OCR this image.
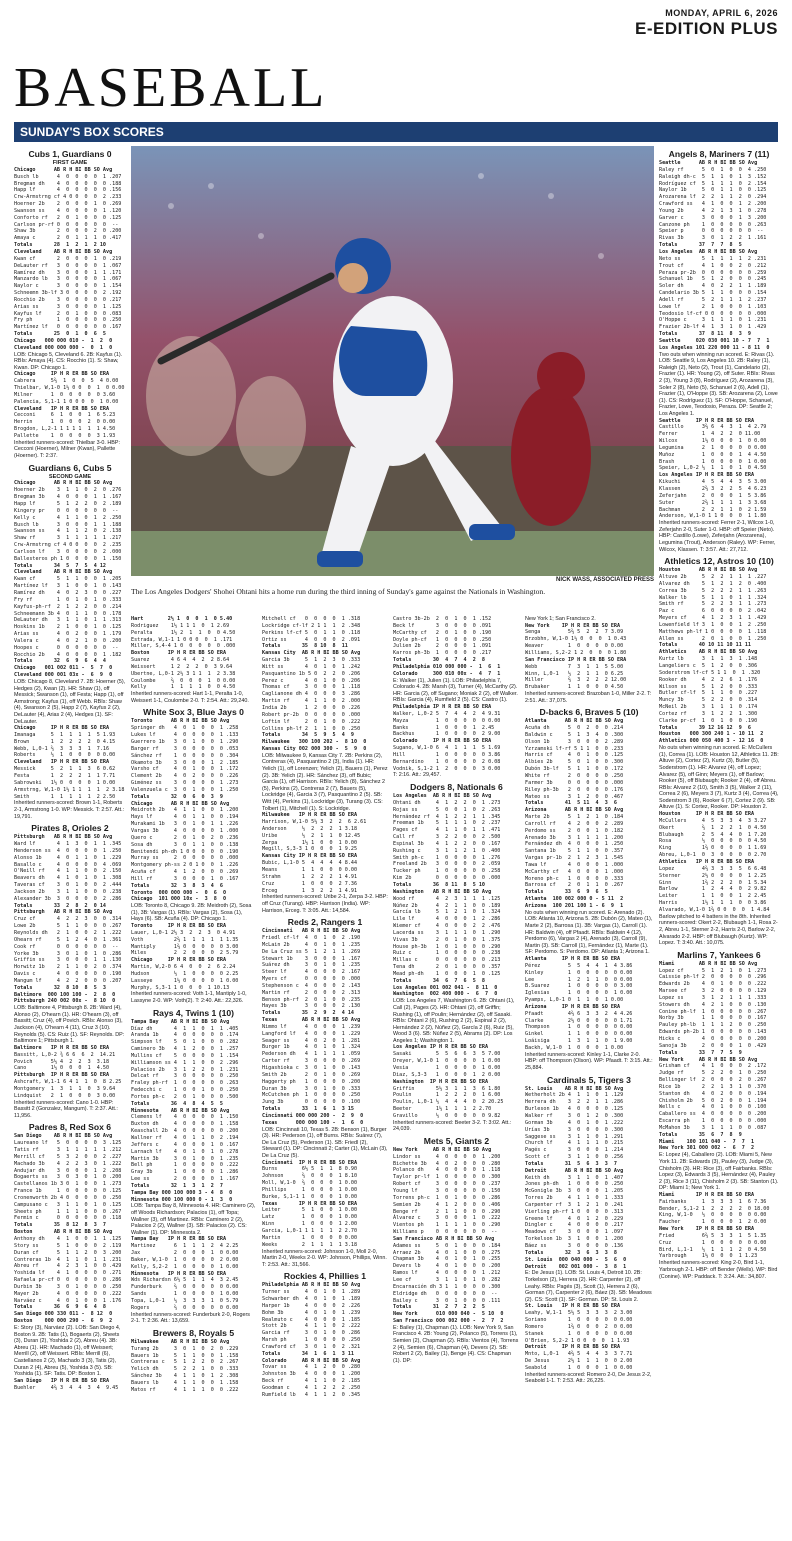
MONDAY, APRIL 6, 2026
E-EDITION PLUS
BASEBALL
SUNDAY'S BOX SCORES
Cubs 1, Guardians 0
FIRST GAME
Chicago      AB R H BI BB SO Avg
Busch lb      4  0  0  0  0  1 .207
Bregman dh    4  0  0  0  0  0 .188
Happ lf       4  0  0  0  0  0 .156
Crw-Armstrng cf 4 0 0  0  0  2 .233
Hoerner 2b    2  0  0  0  1  0 .269
Swanson ss    4  0  0  0  0  1 .120
Conforto rf   2  0  1  0  0  0 .125
Carlson pr-rf 0  0  0  0  0  0  --
Shaw 3b       2  0  0  0  2  0 .200
Amaya c       2  0  1  1  1  0 .417
Totals       28  1  2  1  2 10
Cleveland    AB R H BI BB SO Avg
Kwan cf       2  0  0  0  1  0 .219
DeLauter rf   3  0  0  0  0  1 .067
Ramírez dh    3  0  0  0  1  1 .171
Manzardo lb   3  0  0  0  0  1 .067
Naylor c      3  0  0  0  0  1 .154
Schneemn 3b-lf 3 0  0  0  0  2 .192
Rocchio 2b    3  0  0  0  0  0 .217
Arias ss      3  0  0  0  0  1 .125
Kayfus lf     2  0  1  0  0  0 .083
Fry ph        1  0  0  0  0  0 .250
Martínez lf   0  0  0  0  0  0 .167
Totals       25  0  1  0  6  5
Chicago   000 000 010 -  1  2  0
Cleveland 000 000 000 -  0  1  0
LOB: Chicago 5, Cleveland 6. 2B: Kayfus (1). RBIs: Amaya (4). CS: Rocchio (1). S: Shaw, Kwan. DP: Chicago 1.
Chicago     IP H R ER BB SO ERA
Cabrera     5⅔  1  0  0  5  4 0.00
Thielbar, W,1-0 1⅓ 0 0  0  1  0 0.00
Milner      1  0  0  0  0  0 3.60
Palencia, S,1-1 1 0 0 0  0  1 0.00
Cleveland   IP H R ER BB SO ERA
Cecconi     6  1  0  0  1  6 5.23
Herrin      1  0  0  0  2  0 0.00
Brogdon, L,2-1 1 1 1 1  1  1 4.50
Pallette    1  0  0  0  0  3 1.93
Inherited runners-scored: Thielbar 3-0. HBP: Cecconi (Hoerner), Milner (Kwan), Pallette (Hoerner). T: 2:37.
Guardians 6, Cubs 5
SECOND GAME
Chicago      AB R H BI BB SO Avg
Hoerner 2b    3  1  1  0  2  0 .276
Bregman 3b    4  0  0  0  1  1 .167
Happ lf       5  1  2  2  0  2 .189
Kingery pr    0  0  0  0  0  0  --
Kelly c       4  1  1  0  1  2 .250
Busch lb      3  0  0  0  1  1 .188
Swanson ss    4  1  1  2  0  2 .138
Shaw rf       3  1  1  1  1  1 .217
Crw-Armstrng cf 4 0 0  0  0  2 .235
Carlson lf    3  0  0  0  0  2 .000
Ballesteros ph 1 0  0  0  0  1 .150
Totals       34  5  7  5  4 12
Cleveland    AB R H BI BB SO Avg
Kwan cf       5  1  1  0  0  1 .205
Martínez lf   3  1  0  0  1  0 .143
Ramírez dh    4  0  2  3  0  0 .227
Fry rf        1  0  1  0  1  0 .333
Kayfus-ph-rf  2  1  2  2  0  0 .214
Schneemann 3b 4  0  1  1  0  0 .178
DeLauter dh   3  1  1  0  1  1 .313
Hoskins 1b    2  1  0  0  1  0 .125
Arias ss      4  0  2  0  0  1 .179
Valera c      4  0  2  1  0  0 .200
Hoopes c      0  0  0  0  0  0  --
Rocchio 2b    4  0  0  0  0  1 .182
Totals       32  6  9  6  4  4
Chicago   001 002 011 -  5  7  0
Cleveland 000 001 03x -  6  9  0
LOB: Chicago 8, Cleveland 7. 2B: Hoerner (5), Hedges (2), Kwan (2). HR: Shaw (1), off Messick; Swanson (1), off Festa; Happ (1), off Armstrong; Kayfus (1), off Webb. RBIs: Shaw (4), Swanson 2 (5), Happ 2 (7), Kayfus 2 (2), DeLauter (4), Arias 2 (4), Hedges (1). SF: DeLauter.
Chicago     IP H R ER BB SO ERA
Imanaga     5  1  1  1  1  5 1.93
Brown       1  2  2  2  2  0 4.15
Webb, L,0-1 ⅔  3  3  3  1  7.16
Roberts     ⅓  1  0  0  0  0 0.00
Cleveland   IP H R ER BB SO ERA
Messick     5  2  1  1  3  6 0.62
Festa       1  2  2  2  1  1 7.71
Sabrowski   1⅓ 0  0  0  0  1 0.00
Armstrng, W,1-0 1⅓ 1 1  1  1  2 3.18
Smith       1  1  1  1  1  2 2.50
Inherited runners-scored: Brown 1-1, Roberts 2-1, Armstrong 1-0. WP: Messick. T: 2:57. Att.: 19,791.
Pirates 8, Orioles 2
Pittsburgh   AB R H BI BB SO Avg
Ward lf       4  1  3  0  1  1 .345
Henderson ss  4  0  0  0  0  1 .250
Alonso 1b     4  0  1  1  0  1 .229
Basallo c     4  0  0  0  0  4 .069
O'Neill rf    4  1  1  0  0  2 .150
Beavers dh    4  1  0  1  0  1 .308
Taveras cf    3  0  1  0  0  2 .444
Jackson 2b    3  1  1  0  0  0 .238
Alexander 3b  3  0  0  0  0  2 .286
Totals       33  2  8  2  0 14
Pittsburgh   AB R H BI BB SO Avg
Cruz cf       4  2  2  3  0  0 .314
Lowe 2b       5  1  1  0  0  0 .267
Reynolds dh   2  1  0  0  2  1 .222
Ohearn rf     5  1  2  4  0  1 .361
Cook rf       0  0  0  0  0  0  --
Yorke 3b      3  0  1  0  1  0 .286
Griffin ss    3  0  0  0  1  1 .130
Horwitz 1b    2  1  1  0  2  0 .374
Davis c       4  0  0  0  0  0 .190
Mangum lf     4  2  2  0  0  0 .207
Totals       32  8 10  8  5  3
Baltimore  000 100 100 -  2  8  0
Pittsburgh 240 002 00x -  8 10  0
LOB: Baltimore 4, Pittsburgh 8. 2B: Ward (4), Alonso (2), O'hearn (1). HR: O'hearn (3), off Bassitt; Cruz (4), off Povich. RBIs: Alonso (3), Jackson (4), O'hearn 4 (11), Cruz 3 (10). Reynolds (5). CS: Ruiz (1). SF: Reynolds. DP: Baltimore 1; Pittsburgh 1.
Baltimore   IP H R ER BB SO ERA
Bassitt, L,0-2 ¾ 6 6  6  2  14.21
Povich      5⅓ 4  2  2  3  3.18
Cano        1⅓ 0  0  0  1  4.50
Pittsburgh  IP H R ER BB SO ERA
Ashcraft, W,1-1 6 4 1  1  0  8 2.25
Montgomery  1  3  1  1  0  3 9.64
Lindquist   2  1  0  0  0  3 0.00
Inherited runners-scored: Cano 1-0. HBP: Bassitt 2 (Gonzalez, Mangum). T: 2:37. Att.: 11,956.
Padres 8, Red Sox 6
San Diego    AB R H BI BB SO Avg
Laureano lf   5  0  0  0  0  3 .125
Tatis rf      3  1  1  1  1  1 .212
Merrill cf    5  3  2  0  0  2 .227
Machado 3b    4  2  2  3  0  1 .222
Andujar dh    3  0  0  0  1  2 .208
Bogaerts ss   3  0  3  0  1  0 .200
Castellanos 1b 3 0  1  0  0  1 .273
France 1b     1  0  0  0  0  0 .125
Cronenworth 2b 4 0  0  0  0  0 .250
Campusano c   3  1  1  0  1  0 .125
Sheets ph     1  1  1  0  0  0 .267
Fermin c      0  0  0  0  0  0 .118
Totals       35  8 12  8  3  7
Boston       AB R H BI BB SO Avg
Anthony dh    4  1  0  0  1  1 .125
Story ss      5  1  0  0  0  2 .119
Duran cf      5  1  1  2  0  3 .200
Contreras 1b  4  1  1  0  1  1 .231
Abreu rf      4  2  3  1  0  0 .429
Yoshida lf    4  1  0  0  0  0 .271
Rafaela pr-cf 0  0  0  0  0  0 .286
Durbin 3b     3  0  1  0  0  0 .250
Mayer 2b      4  0  0  0  0  0 .222
Narváez c     4  0  1  0  0  1 .176
Totals       36  6  9  6  4  8
San Diego 000 330 011 -  8 12  0
Boston    000 000 290 -  6  9  2
E: Story (3), Narváez (2). LOB: San Diego 4, Boston 9. 2B: Tatis (1), Bogaerts (2), Sheets (3), Duran (2), Yoshida 2 (2), Abreu (4). 3B: Abreu (1). HR: Machado (1), off Weissert; Merrill (2), off Weissert. RBIs: Merrill (6), Castellanos 2 (2), Machado 3 (3), Tatis (2), Duran 2 (4), Abreu (5), Yoshida 3 (5). SB: Yoshida (1). SF: Tatis. DP: Boston 1.
San Diego   IP H R ER BB SO ERA
Buehler     4⅔ 3  4  4  3  4  9.45
Hart        2⅓ 1  0  0  1  0 5.40
Rodriguez    1⅓ 1 1 1  0  1 2.69
Peralta      1⅓ 2  1  1  0  0 4.50
Estrada, W,1-1 1 0 0 0  0  1 .171
Miller, S,4-4 1 0  0  0  0  0 .000
Boston      IP H R ER BB SO ERA
Suarez       4 6 4  4  2  2 8.64
Weissert     1 2  2  2  0  3 9.64
Ubertne, L,0-1 2⅓ 3 1 1  1  2 3.38
Coulombe     ⅔  0  0  0  1  0 0.00
Kelly        1  1  1  1  0  0 4.50
Inherited runners-scored: Hart 1-1, Peralta 1-0, Weissert 1-1, Coulombe 2-0. T: 2:54. Att.: 29,240.
White Sox 3, Blue Jays 0
Toronto      AB R H BI BB SO Avg
Springer dh   4  0  1  0  0  1 .258
Lukes lf      4  0  0  0  0  1 .133
Guerrero 1b   3  0  1  0  0  1 .290
Barger rf     3  0  0  0  0  0 .053
Sánchez rf    1  0  0  0  0  0 .304
Okamoto 3b    3  0  0  0  1  2 .185
Varsho cf     4  0  1  0  0  1 .172
Clement 2b    4  0  2  0  0  0 .226
Giménez ss    3  0  0  0  0  1 .273
Valenzuela c  3  0  1  0  0  1 .250
Totals       32  0  6  0  3  9
Chicago      AB R H BI BB SO Avg
Meidroth 2b   4  1  1  0  0  1 .200
Hays lf       4  0  1  1  0  0 .194
Murakami 1b   3  0  1  0  1  1 .226
Vargas 3b     4  0  0  0  0  1 .000
Quero c       2  0  1  0  2  0 .236
Sosa dh       3  0  1  1  0  0 .138
Benitendi ph-dh 1 0 0  0  0  0 .190
Murray ss     2  0  0  0  0  0 .000
Montgomery ph-ss 2 0 1 0  0  1 .226
Acuña cf      4  1  2  0  0  0 .269
Hill rf       3  0  0  0  1  0 .167
Totals       32  3  8  3  4  6
Toronto  000 000 000 -  0  6  0
Chicago  101 000 10x -  3  8  0
LOB: Toronto 8, Chicago 9. 2B: Meidroth (2), Sosa (1), 3B: Vargas (1). RBIs: Vargas (2), Sosa (1), Hays (6). SB: Acuña (4). DP: Chicago 1.
Toronto     IP H R ER BB SO ERA
Lauer, L,0-1 2⅓ 3  2  2  3  0 4.91
Voth          2⅔ 1  1  1  1  1 1.35
Mantiply      1⅔ 0  0  0  0  0 3.00
Miles         2  2  0  0  0  2 5.79
Chicago     IP H R ER BB SO ERA
Martin, W,2-0 6 4  0  0  2  6 2.24
Hudson        ⅓  1  0  0  0  0 2.25
Lasseye       1⅓ 0  0  0  0  1 0.00
Murphy, S,3-1 1 0  0  0  1 10.13
Inherited runners-scored: Voth 1-1, Mantiply 1-0, Lassyne 2-0. WP: Voth(2). T: 2:40. Att.: 22,326.
Rays 4, Twins 1 (10)
Tampa Bay    AB R H BI BB SO Avg
Díaz dh       4  1  1  0  1  1 .405
Aranda 1b     4  0  0  0  0  0 .174
Simpson lf    5  0  1  0  0  0 .282
Caminero 3b   4  1  2  0  0  1 .257
Mullins cf    5  0  0  0  0  1 .154
Williamson ss 4  1  1  0  0  2 .296
Palacios 2b   3  1  2  2  0  1 .231
Delcat rf     3  0  0  0  0  0 .250
Fraley ph-rf  1  0  0  0  0  0 .263
Fedecchi c    1  0  0  1  0  0 .250
Fortes ph-c   2  0  1  0  0  0 .500
Totals       36  4  8  4  5  5
Minnesota    AB R H BI BB SO Avg
Clemens lf    4  0  0  0  0  1 .150
Buxton dh     4  0  0  0  0  1 .158
Keaschall 2b  4  0  0  0  0  0 .200
Wallner rf    4  0  1  1  0  2 .194
Jeffers c     4  0  0  0  1  0 .167
Larnach lf    4  0  1  0  1  0 .278
Martin 3b     3  0  1  0  0  1 .235
Bell ph       1  0  0  0  0  0 .222
Gray 3b       1  0  0  0  0  1 .286
Lee ss        2  0  0  0  0  1 .167
Totals       32  1  3  1  2  7
Tampa Bay 000 100 000 3 - 4  8  0
Minnesota 000 100 000 0 - 1  3  0
LOB: Tampa Bay 8, Minnesota 4. HR: Caminero (2), off Woods Richardson; Palacios (1), off Topa; Wallner (3), off Martinez. RBIs: Caminero 2 (2), Palacios 2 (2), Wallner (3). SB: Palacios (2). CS: Wallner (1). DP: Minnesota 2.
Tampa Bay   IP H R ER BB SO ERA
Martinez      6  1  1  1  2  4 2.25
Jax           2  0  0  0  1  0 0.00
Baker, W,1-0  1  0  0  0  0  2 0.00
Kelly, S,2-2  1  0  0  0  0  1 0.00
Minnesota   IP H R ER BB SO ERA
Wds Richardsn 6⅓ 5  1  1  4  3 2.45
Funderburk    ⅔  0  0  0  0  0 0.00
Sands         1  0  0  0  0  1 0.00
Topa, L,0-1   ⅓  3  3  3  1  0 5.79
Rogers        ⅔  0  0  0  0  0 0.00
Inherited runners-scored: Funderburk 2-0, Rogers 2-1. T: 2:36. Att.: 13,659.
Brewers 8, Royals 5
Milwaukee    AB R H BI BB SO Avg
Turang 2b     3  0  1  0  2  0 .229
Bauers 1b     5  1  1  0  0  1 .158
Contreras c   5  1  2  2  0  2 .267
Yelich dh     5  2  2  1  0  0 .333
Sánchez 3b    4  1  1  0  1  2 .308
Bauers lb     4  1  1  0  0  1 .158
Matos rf      4  1  1  1  0  0 .222
Mitchell cf   0  0  0  0  1 .318
Lockridge cf-lf 2 1 1  1  2 .348
Perkins lf-cf 5  0  1  1  0 .118
Ortiz ss      4  0  0  0  2 .091
Totals       35  8 10  8  11
Kansas City  AB R H BI BB SO Avg
Garcia 3b     5  1  2  3  0 .333
Witt ss       4  0  1  0  1 .242
Pasquantino 1b 5 0  2  2  0 .206
Perez c       4  0  1  0  0 .206
Thomas cf     3  0  0  0  1 .118
Caglianone dh 4  0  0  0  3 .286
Martin rf     4  1  1  0  2 .000
India 2b      1  2  0  0  0 .226
Robert pr-2b  0  0  0  0  0 .000
Loftin lf     2  0  1  0  0 .222
Collins ph-lf 2  1  1  0  0 .250
Totals       34  5  9  5  4  9
Milwaukee   300 100 202 -  8 10  0
Kansas City 002 000 300 -  5  9  0
LOB: Milwaukee 9, Kansas City 7. 2B: Perkins (2), Contreras (4), Pasquantino 2 (3), India (1). HR: Yelich (1), off Lorenzen; Yelich (2), Bauers (1), Perez (2). 3B: Yelich (2). HR: Sánchez (3), off Bubic; Garcia (1), off Harrison. RBIs: Yelich (8), Sánchez 2 (5), Perkins (2), Contreras 2 (7), Bauers (5), Lockridge (4), Garcia 3 (7), Pasquantino 2 (5). SB: Witt (4), Perkins (1), Lockridge (3), Turang (3). CS: Tolbert (1), Mitchell (1). S: Lockridge.
Milwaukee   IP H R ER BB SO ERA
Harrison, W,1-0 5⅓ 3  2  2  6 2.61
Anderson     ⅓  2  2  2  1 3.18
Uribe        ⅓  2  1  1  0 12.45
Zerpa        1⅓ 1  0  0  1 0.00
Megill, S,3-3 1 0  0  0  1 9.25
Kansas City IP H R ER BB SO ERA
Bubic, L,1-0 5  4  4  4  4 8.44
Means        1  1  0  0  0 0.00
Strahm       1  2  2  2  1 4.91
Cruz         1  0  0  0  2 7.36
Erceg        1  3  2  2  1 4.91
Inherited runners-scored: Uribe 2-1, Zerpa 3-2. HBP: off Cruz (Turang). HBP: Harrison (India). WP: Harrison, Erceg. T: 3:05. Att.: 14,584.
Reds 2, Rangers 1
Cincinnati   AB R H BI BB SO Avg
Friedl cf-lf  4  0  1  0  2 .190
McLain 2b     4  0  1  0  1 .235
De La Cruz ss 5  1  2  1  1 .269
Stewart 1b    3  0  0  0  1 .167
Suárez dh     3  0  1  0  1 .235
Steer lf      4  0  0  0  2 .167
Myers cf      0  0  0  0  0 .000
Stephenson c  4  0  0  0  2 .143
Martin rf     2  0  0  0  2 .313
Benson ph-rf  2  0  1  0  0 .235
Hayes 3b      3  0  0  0  2 .130
Totals       35  2  9  2  4 14
Texas        AB R H BI BB SO Avg
Nimmo lf      4  0  0  0  1 .239
Langford lf   4  0  0  0  1 .229
Seager ss     4  0  2  0  1 .281
Burger 1b     4  0  1  0  1 .324
Pederson dh   4  1  1  1  1 .059
Carter rf     3  0  0  0  0 .269
Higashioka c  3  0  1  0  0 .143
Smith 2b      2  0  1  0  0 .269
Haggerty ph   1  0  0  0  0 .200
Duran 3b      3  0  1  0  0 .333
McCutchen ph  1  0  0  0  0 .250
Jung 3b       0  0  0  0  0 .100
Totals       33  1  6  1  3 15
Cincinnati 000 000 200 -  2  9  0
Texas      000 000 100 -  1  6  0
LOB: Cincinnati 10, Texas 5. 2B: Benson (1), Burger (3). HR: Pederson (1), off Burns. RBIs: Suárez (7), De La Cruz (5), Pederson (1). SB: Friedl (2), Steward (1). DP: Cincinnati 2; Carter (1), McLain (3), De La Cruz (5).
Cincinnati  IP H R ER BB SO ERA
Burns        6⅓ 5  1  1  8 0.90
Johnson      ⅔  0  0  0  1 8.10
Moll, W,1-0  ⅔  0  0  0  1 0.00
Phillips     1  0  0  0  1 0.00
Burke, S,1-1 1  0  0  0  1 0.00
Texas       IP H R ER BB SO ERA
Leiter       5  1  0  0  1 0.00
Latz         1  0  0  0  1 0.00
Winn         1  0  0  0  1 2.00
Garcia, L,0-1 1 1  1  1  2 2.70
Martin       1  0  0  0  0 0.00
Weeks        2  1  1  1  1 3.18
Inherited runners-scored: Johnson 1-0, Moll 2-0, Martin 2-0, Weeks 2-0. WP: Johnson, Phillips, Winn. T: 2:53. Att.: 31,566.
Rockies 4, Phillies 1
Philadelphia AB R H BI BB SO Avg
Turner ss     4  0  1  0  1 .289
Schwarber dh  4  0  1  0  1 .189
Harper 1b     4  0  0  0  2 .226
Bohm 3b       4  0  1  0  1 .239
Realmuto c    4  0  0  0  1 .185
Stott 2b      4  1  1  0  2 .222
Garcia rf     3  0  1  0  0 .286
Marsh ph      1  0  0  0  0 .250
Crawford cf   3  0  1  0  2 .321
Totals       34  1  6  1  3 11
Colorado     AB R H BI BB SO Avg
Tovar ss      4  1  2  0  0 .280
Johnston 3b   4  0  0  0  1 .200
Beck rf       4  1  1  0  2 .185
Goodman c     4  1  2  2  2 .250
Rumfield lb   4  1  1  2  0 .345
Castro 3b-2b  2  0  1  0  1 .152
Beck lf       3  0  0  0  0 .091
McCarthy cf   2  0  1  0  0 .190
Doyle ph-cf   1  0  0  0  0 .250
Julien 2b     2  0  0  0  1 .091
Karros ph-3b  1  0  0  0  0 .217
Totals       30  4  7  4  2  8
Philadelphia 010 000 000 -  1  6  1
Colorado     300 010 00x -  4  7  1
E: Walker (1), Julien (1). LOB: Philadelphia 7, Colorado 4. 2B: Marsh (3), Turner (4), McCarthy (2). HR: Garcia (2), off Sugano; Moniak 2 (2), off Walker. RBIs: Garcia (4), Rumfield 2 (5). CS: Castro (1).
Philadelphia IP H R ER BB SO ERA
Walker, L,0-2 5  7  4  4  2  4 9.31
Mayza         1  0  0  0  0  0 0.00
Banks         1  0  0  0  1  2.45
Backhus       1  0  0  0  0  2 9.00
Colorado     IP H R ER BB SO ERA
Sugano, W,1-0 6  4  1  1  1  5 1.69
Hill          1  0  0  0  0  0 3.86
Bernardino    1  0  0  0  0  2 0.08
Vodnik, S,1-2 1  2  0  0  0  3 0.00
T: 2:16. Att.: 29,457.
Dodgers 8, Nationals 6
Los Angeles  AB R H BI BB SO Avg
Ohtani dh     4  1  2  2  0  1 .273
Rojas ss      5  0  0  1  0  2 .263
Hernández rf  4  1  2  2  1  1 .345
Freeman 1b    5  1  1  1  0  2 .237
Pages cf      4  1  1  0  1  1 .471
Call rf       3  2  2  0  0  2 .500
Espinal 3b    4  1  2  2  0  0 .167
Rushing c     3  1  1  2  1  0 .400
Smith ph-c    1  0  0  0  0  1 .276
Freeland 2b   3  0  0  0  0  2 .059
Tucker ph     1  0  0  0  0  0 .258
Kim 2b        0  0  0  0  0  0 .000
Totals       36  8 11  8  5 10
Washington   AB R H BI BB SO Avg
Wood rf       4  2  3  1  1  1 .125
Núñez 2b      4  2  1  1  0  0 .189
García lb     5  1  2  1  0  1 .324
Lile lf       4  0  0  0  1  2 .286
Wiemer cf     4  0  0  0  2  2 .476
Lacerda ss    3  1  1  1  0  1 .290
Vivas 3b      2  0  1  0  0  1 .375
House ph-3b   1  0  1  0  0  0 .290
Ruiz c        1  0  0  0  0  0 .238
Millas c      0  0  0  0  0  0 .213
Tena dh       2  0  1  0  0  0 .357
Mead ph-dh    1  0  0  0  1  0 .125
Totals       34  6  7  6  5  8
Los Angeles 001 002 041 -  8 11  0
Washington  002 400 000 -  6  7  0
LOB: Los Angeles 7, Washington 6. 2B: Ohtani (1), Call (2), Pages (2). HR: Ohtani (2), off Griffin; Rushing (1), off Poulin; Hernández (2), off Sasaki. RBIs: Ohtani 2 (6), Rushing 2 (2), Espinal 2 (2), Hernández 2 (2), Núñez (2), García 2 (6), Ruiz (5), Wood 3 (6). SB: Núñez 2 (5), Abrams (2). DP: Los Angeles 1; Washington 1.
Los Angeles IP H R ER BB SO ERA
Sasaki        5  5  6  6  3  5 7.00
Dreyer, W,1-0 1  0  0  0  0  1 0.00
Vesia         1  0  0  0  0  1 0.00
Diaz, S,3-3   1  0  0  0  1  2 0.00
Washington  IP H R ER BB SO ERA
Griffin       5⅓ 3  1  1  3  6 1.80
Poulin        1  2  2  2  0  1 6.00
Poulin, L,0-1 ⅓  4  4  4  0  2 20.25
Beeter        1⅓ 1  1  1  2 2.70
Gravillo      ⅓  0  0  0  0  0 9.82
Inherited runners-scored: Beeter 3-2. T: 3:02. Att.: 24,039.
Mets 5, Giants 2
New York     AB R H BI BB SO Avg
Lindor ss     4  0  0  0  0  1 .200
Bichette 3b   4  0  2  0  0  0 .280
Polanco dh    4  0  0  0  0  1 .118
Taylor pr-lf  1  0  0  0  0  0 .300
Robert cf     3  0  0  0  0  0 .237
Young lf      3  0  0  0  0  0 .150
Torrens ph-c  1  0  1  0  0  0 .286
Semien 2b     4  1  2  0  0  0 .406
Benge rf      2  1  1  0  0  0 .290
Álvarez c     3  0  0  0  1  0 .222
Vientos ph    1  1  1  1  0  0 .290
Williams p    0  0  0  0  0  0  --
San Francisco AB R H BI BB SO Avg
Adames ss     5  0  1  0  0  0 .184
Arraez 2b     4  0  1  0  0  0 .275
Chapman 3b    4  0  1  0  1  0 .255
Devers lb     4  0  1  0  0  0 .200
Ramos lf      4  0  0  0  0  1 .212
Lee cf        3  1  1  0  1  0 .282
Encarnación dh 3 1  1  0  0  0 .300
Eldridge dh   0  0  0  0  0  0  --
Bailey c      3  0  1  0  0  0 .111
Totals       31  2  7  2  2  5
New York      010 000 040 -  5 10  0
San Francisco 000 002 000 -  2  7  2
E: Bailey (1), Chapman (1). LOB: New York 9, San Francisco 4. 2B: Young (2), Polanco (5), Torrens (1), Semien (2), Chapman (2). RBIs: Vientos (4), Torrens 2 (4), Semien (6), Chapman (4), Devers (2). SB: Robert 2 (2), Bailey (1), Benge (4). CS: Chapman (1). DP:
New York 1; San Francisco 2.
New York    IP H R ER BB SO ERA
Senga         5⅔ 5  2  2  7 3.09
Brzobhn, W,1-0 1⅓ 0  0  0  1 0.43
Weaver        1  0  0  0  0 0.00
Williams, S,2-2 1 2  0  0  0 1.80
San Francisco IP H R ER BB SO ERA
Webb          7  3  1  1  5 5.00
Winn, L,0-1   ⅓  2  1  1  0 6.25
Miller        ⅔  3  2  2  2 12.00
Brubaker      1  1  0  0  0 4.50
Inherited runners-scored: Brazoban 1-0, Miller 2-2. T: 2:51. Att.: 37,075.
D-backs 6, Braves 5 (10)
Atlanta      AB R H BI BB SO Avg
Acuña dh      5  0  2  0  0 .214
Baldwin c     5  1  3  4  0 .300
Olson 1b      3  0  0  0  2 .289
Yzrzamski lf-rf 5 1 1  0  0 .233
Harris cf     4  0  1  0  0 .125
Albies 2b     5  0  1  0  0 .300
Dubón 3b-lf   5  1  1  0  0 .172
White rf      2  0  0  0  0 .250
Farmer 3b     0  0  0  0  0 .000
Riley ph-3b   2  0  0  0  0 .176
Mateo ss      3  1  2  0  0 .467
Totals       41  5 11  4  3  6
Arizona      AB R H BI BB SO Avg
Marte 2b      5  1  2  1  0 .184
Carroll rf    4  2  0  0  2 .289
Perdomo ss    2  0  0  1  0 .182
Arenado 3b    3  1  1  1  1 .200
Fernández dh  4  0  0  0  1 .250
Santana 1b    5  1  1  0  0 .357
Vargas pr-1b  2  1  2  3  1 .545
Tawa lf       4  0  0  0  1 .000
McCarthy cf   4  0  0  0  1 .000
Moreno ph-c   1  0  0  0  0 .333
Barrosa cf    2  0  1  1  0 .267
Totals       33  6  9  6  5
Atlanta  100 002 000 0 - 5 11  2
Arizona  100 201 100 1 - 6  9  1
No outs when winning run scored. E: Arenado (2). LOB: Atlanta 10, Arizona 5. 2B: Dubón (2), Mateo (1), Marte 2 (2), Barrosa (1). 3B: Vargas (1), Carroll (1). HR: Baldwin (4), off Pfaadt. RBIs: Baldwin 4 (12), Perdomo (6), Vargas 2 (4), Arenado (3), Carroll (9), Martin (3). SB: Carroll (1), Fernández (1), Marte (1). SF: Perdomo. S: Perdomo. DP: Atlanta 1; Arizona 1.
Atlanta     IP H R ER BB SO ERA
Pérez         5  5  4  4  1  4 3.86
Kinley        1  0  0  0  0  0 0.00
Lee           1  2  1  1  0  0 0.00
B.Suarez      1  0  0  0  0  0 3.00
Iglesias      1  0  0  0  0  1 0.00
Pyamps, L,0-1 0  1  1  0  1 0.00
Arizona     IP H R ER BB SO ERA
Pfaadt        4⅔ 6  3  3  2  4 4.26
Clarke        2⅓ 0  0  0  0  0 1.71
Thompson      1  0  0  0  0  0 0.00
Ginkel        1  1  0  0  0  0 0.00
Loáisiga      1  3  1  1  0  1 9.00
Backh, W,1-0  1  0  0  0  1 0.00
Inherited runners-scored: Kinley 1-1, Clarke 2-0. HBP: off Thompson (Olson). WP: Pfaadt. T: 3:15. Att.: 25,884.
Cardinals 5, Tigers 3
St. Louis    AB R H BI BB SO Avg
Wetherholt 2b 4  1  1  0  1 .129
Herrera dh    3  2  2  1  1 .286
Burleson 1b   4  0  0  0  0 .125
Walker rf     3  0  1  2  0 .300
Gorman 3b     4  0  1  0  1 .222
Urías 3b      3  0  0  0  0 .300
Saggese ss    3  1  1  0  1 .291
Church lf     4  1  1  1  0 .215
Pagés c       3  0  0  0  1 .214
Scott cf      3  1  1  0  0 .256
Totals       31  5  6  3  3  7
Detroit      AB R H BI BB SO Avg
Keith dh      3  1  1  0  1 .407
Jones ph-dh   1  0  0  0  0 .250
McGonigle 3b  3  0  0  0  1 .205
Torres 2b     4  1  1  0  1 .333
Carpenter rf  3  1  2  1  0 .241
Vierling ph-rf 1 0  0  0  0 .313
Greene lf     4  0  1  2  0 .229
Dingler c     4  0  0  0  0 .217
Meadows cf    3  0  0  0  1 .097
Torkelson 1b  3  1  0  0  1 .200
Báez ss       3  0  0  0  0 .136
Totals       32  3  6  3  3  8
St. Louis  000 040 000 -  5  6  0
Detroit    002 001 000 -  3  8  1
E: De Jesus (1). LOB: St. Louis 4, Detroit 10. 2B: Torkelson (2), Herrera (2). HR: Carpenter (2), off Leahy. RBIs: Pagés (3), Scott (1), Herrera 2 (6), Gorman (7), Carpenter 2 (6), Báez (3). SB: Meadows (2). CS: Scott (1). SF: Gorman. DP: St. Louis 2.
St. Louis   IP H R ER BB SO ERA
Leahy, W,1-1  5⅓ 5  3  3  3  2 3.00
Soriano       1  0  0  0  0  0 0.00
Romero        1⅔ 0  0  0  2  0 0.00
Stanek        1  0  0  0  0  0 0.00
O'Brien, S,2-2 1 0 0  0  0  1 1.93
Detroit     IP H R ER BB SO ERA
Mnto, L,0-1   4⅔ 5  4  4  3  3 7.71
De Jesus      2⅓ 1  1  1  0  0 2.00
Seabold       1  0  0  0  1  0 0.00
Inherited runners-scored: Romero 2-0, De Jesus 2-2, Seabold 1-1. T: 2:53. Att.: 26,225.
Angels 8, Mariners 7 (11)
Seattle      AB R H BI BB SO Avg
Raley rf      5  0  1  0  0  4 .250
Raleigh dh-c  5  1  1  0  1  3 .152
Rodríguez cf  5  1  1  1  0  2 .154
Naylor 1b     5  0  1  1  0  0 .125
Arozarena lf  2  2  1  1  2  0 .294
Crawford ss   4  1  0  0  1  2 .200
Young 2b      4  2  1  3  1  0 .278
Garver c      3  0  0  0  1  3 .200
Canzone ph    1  0  0  0  0  0 .263
Speier p      0  0  0  0  0  0  --
Rivas 3b      3  0  1  2  2  1 .161
Totals       37  7  7  8  5
Los Angeles  AB R H BI BB SO Avg
Neto ss       5  1  1  1  1  2 .231
Trout cf      4  1  0  0  2  0 .212
Peraza pr-2b  0  0  0  0  0  0 .259
Schanuel 1b   5  1  2  0  0  0 .245
Soler dh      4  0  2  2  1  1 .189
Candelario 3b 5  1  1  0  0  0 .154
Adell rf      5  2  1  1  1  2 .237
Lowe lf       2  1  0  0  0  1 .103
Teodosio lf-cf 0 0  0  0  0  0 .000
O'Hoppe c     3  1  1  1  0  1 .231
Frazier 2b-lf 4  1  3  1  0  1 .429
Totals       37  8 11  8  3  9
Seattle     020 030 001 10 - 7  7  1
Los Angeles 101 220 000 11 - 8 11  0
Two outs when winning run scored. E: Rivas (1). LOB: Seattle 9, Los Angeles 10. 2B: Raley (1), Raleigh (2), Neto (2), Trout (1), Candelario (2), Frazier (1). HR: Young (2), off Suter. RBIs: Rivas 2 (3), Young 3 (8), Rodríguez (2), Arozarena (3), Soler 2 (8), Neto (5), Schanuel 2 (6), Adell (1), Frazier (1), O'Hoppe (3). SB: Arozarena (2), Lowe (1). CS: Rodríguez (1). SF: O'Hoppe, Schanuel, Frazier, Lowe, Teodosio, Peraza. DP: Seattle 2; Los Angeles 1.
Seattle     IP H R ER BB SO ERA
Castillo      3⅔ 6  4  3  1  4 2.79
Ferrer        1  4  2  2  0 11.00
Wilcox        1⅓ 0  0  0  1  0 0.00
Legumina      2  1  0  0  0  0 0.00
Muñoz         1  0  0  0  1  4 4.50
Brash         1  0  0  0  0  1 0.00
Speier, L,0-2 ⅓  1  1  0  1  0 4.50
Los Angeles IP H R ER BB SO ERA
Kikuchi       4  5  4  4  3  5 3.00
Klassen       2⅔ 3  2  2  5  4 6.23
Zeferjahn     2  0  0  0  1  5 3.86
Suter         2⅔ 1  1  1  1  3 3.68
Bachman       2  2  1  1  0  2 1.59
Anderson, W,1-0 1 1 0  0  0  1 1.80
Inherited runners-scored: Ferrer 2-1, Wilcox 1-0, Zeferjahn 2-0, Suter 1-0. HBP: off Speier (Neto). HBP: Castillo (Lowe), Zeferjahn (Arozarena), Legumina (Trout), Anderson (Raley). WP: Ferrer, Wilcox, Klassen. T: 3:57. Att.: 27,712.
Athletics 12, Astros 10 (10)
Houston      AB R H BI BB SO Avg
Altuve 2b     5  2  2  1  1  1 .227
Alvarez dh    5  1  2  1  2  0 .400
Correa 3b     5  2  2  2  1  1 .263
Walker lb     5  1  1  0  1  1 .324
Smith rf      5  2  2  3  1  1 .273
Paz c         6  0  0  0  0  2 .042
Meyers cf     4  1  2  3  1  1 .429
Lowenfield lf 3  1  0  0  1  2 .250
Matthews ph-lf 1 0  0  0  0  1 .118
Allen ss      2  0  1  0  0  1 .250
Totals       40 10 11 10 11 11
Athletics    AB R H BI BB SO Avg
Kurtz lb      3  1  1  3  1 .148
Langeliers c  5  1  2  0  0 .306
Soderstrom lf-cf 5 1 1  0  1 .320
Rooker dh     4  2  2  6  1 .176
Wilson ss     5  1  2  0  0 .333
Butler cf-lf  5  1  1  0  0 .227
Muncy 3b      5  2  2  0  0 .314
McNeil 2b     3  1  1  1  0 .174
Cortez rf     3  1  2  2  1 .300
Clarke pr-cf  1  0  1  0  0 .190
Totals       39 12 16 12  9  6
Houston   000 300 240 1 - 10 11  2
Athletics 000 050 400 3 - 12 16  0
No outs when winning run scored. E: McCullers (1), Correa (1). LOB: Houston 12, Athletics 11. 2B: Altuve (2), Cortez (2), Kurtz (3), Butler (5), Soderstrom (1). HR: Alvarez (4), off Lopez; Alvarez (5), off Ginn; Meyers (1), off Barlow; Rooker (5), off Blubaugh; Rooker 2 (4), off Abreu. RBIs: Alvarez 2 (10), Smith 3 (5), Walker 2 (11), Correa 2 (6), Meyers 3 (7), Kurtz 3 (4), Correa (4), Soderstrom 3 (6), Rooker 6 (7), Cortez 2 (9). SB: Altuve (1). S: Cortez, Rooker. DP: Houston 2.
Houston     IP H R ER BB SO ERA
McCullers     4  5  3  3  4  3 3.27
Okert         ⅔  1  2  2  1  0 4.50
Blubaugh      2  5  4  4  0  1 7.20
Rosa          ⅓  0  0  0  0  0 4.50
King          1⅔ 0  0  0  0  1 1.69
Abreu, L,0-1  0  3  0  0  0  0 2.70
Athletics   IP H R ER BB SO ERA
Lopez         4⅔ 3  3  3  5  6 6.48
Sterner       2⅓ 0  0  0  0  1 2.25
Ginn          1⅔ 2  2  2  0  1 5.34
Barlow        1  2  4  4  0  2 9.82
Leiter        1  1  0  0  1  2 2.45
Harris        1⅓ 1  1  1  0  0 3.86
Alvarado, W,1-0 1⅔ 0 0  0  0  1 4.84
Barlow pitched to 4 batters in the 8th. Inherited runners-scored: Okert 2-2, Blubaugh 1-1, Rosa 2-2, Abreu 1-1, Sterner 2-2, Harris 2-0, Barlow 2-2, Alvarado 2-2. HBP: off Blubaugh (Kurtz). WP: Lopez. T: 3:40. Att.: 10,075.
Marlins 7, Yankees 6
Miami        AB R H BI BB SO Avg
Lopez cf      5  1  2  1  0  1 .273
Caissie ph-lf 2  0  0  0  0  0 .296
Edwards 2b    4  0  1  0  0  0 .222
Marsee cf     3  2  0  0  0  0 .129
Lopez ss      3  1  2  1  1  1 .333
Stowers dh    4  2  1  0  0  0 .130
Conine ph-lf  1  0  0  0  0  0 .267
Norby 3b      1  1  0  0  0  0 .167
Pauley ph-lb  1  1  1  2  0  0 .250
Edwards ph-2b 1  0  0  0  0  0 .143
Hicks c       4  0  0  0  0  0 .200
Sanoja 3b     2  0  0  0  1  0 .429
Totals       33  7  7  5  9
New York     AB R H BI BB SO Avg
Grisham cf    4  1  0  0  0  2 .172
Judge rf      5  2  2  0  1  0 .250
Bellinger lf  2  0  0  0  2  0 .267
Rice 1b       2  2  1  3  1  0 .370
Stanton dh    4  0  2  0  0  0 .194
Chisholm 2b   5  0  2  0  0  1 .194
Wells c       4  0  1  0  0  0 .100
Caballero ss  4  0  0  0  0  0 .200
Escarra ph    1  0  0  0  0  0 .000
McMahon 3b    3  1  1  1  0  0 .087
Totals       35  6  7  8  9
Miami    100 101 040 -  7  7  1
New York 301 000 002 -  6  7  2
E: Lopez (4), Caballero (2). LOB: Miami 5, New York 11. 2B: Edwards (3), Pauley (3), Judge (3), Chisholm (3). HR: Rice (3), off Fairbanks. RBIs: Lopez (3), Edwards 3 (5), Hernández (4), Pauley 2 (3), Rice 3 (11), Chisholm 2 (3). SB: Stanton (1). DP: Miami 1; New York 1.
Miami       IP H R ER BB SO ERA
Fairbanks     1  3  3  3  1  6 7.36
Bender, S,1-2 1  2  2  2  2  0 18.00
King, W,1-0   ⅓  0  0  0  0  0 0.00
Faucher       1  0  0  0  1  2 0.00
New York    IP H R ER BB SO ERA
Fried         6⅔ 5  3  3  1  5 1.35
Cruz          1  0  0  0  0  0 0.00
Bird, L,1-1   ⅓  1  1  1  2  0 4.50
Yarbrough     1⅓ 0  0  0  1 1.23
Inherited runners-scored: King 2-0, Bird 1-1, Yarbrough 2-1. HBP: off Bender (Wells). WP: Bird (Conine). WP: Paddack. T: 3:24. Att.: 34,807.
NICK WASS, ASSOCIATED PRESS
The Los Angeles Dodgers' Shohei Ohtani hits a home run during the third inning of Sunday's game against the Nationals in Washington.
